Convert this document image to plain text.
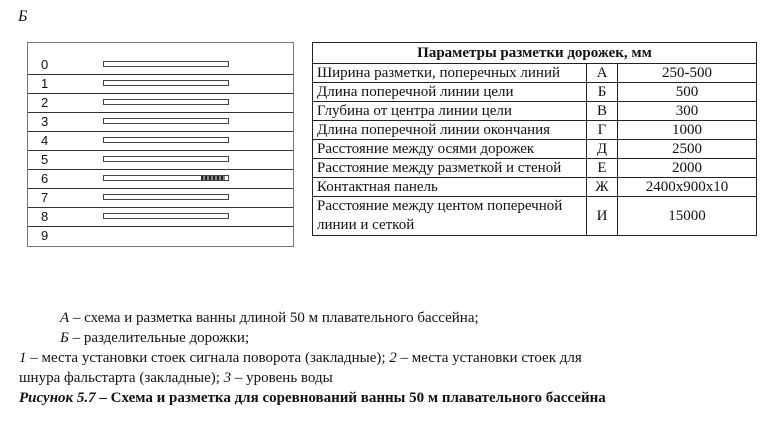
Б
0
1
2
3
4
5
6
7
8
9
Параметры разметки дорожек, мм		
Ширина разметки, поперечных линий	А	250-500
Длина поперечной линии цели	Б	500
Глубина от центра линии цели	В	300
Длина поперечной линии окончания	Г	1000
Расстояние между осями дорожек	Д	2500
Расстояние между разметкой и стеной	Е	2000
Контактная панель	Ж	2400х900х10
Расстояние между центом поперечной линии и сеткой	И	15000
А – схема и разметка ванны длиной 50 м плавательного бассейна;
Б – разделительные дорожки;
1 – места установки стоек сигнала поворота (закладные); 2 – места установки стоек для
шнура фальстарта (закладные); 3 – уровень воды
Рисунок 5.7 – Схема и разметка для соревнований ванны 50 м плавательного бассейна
